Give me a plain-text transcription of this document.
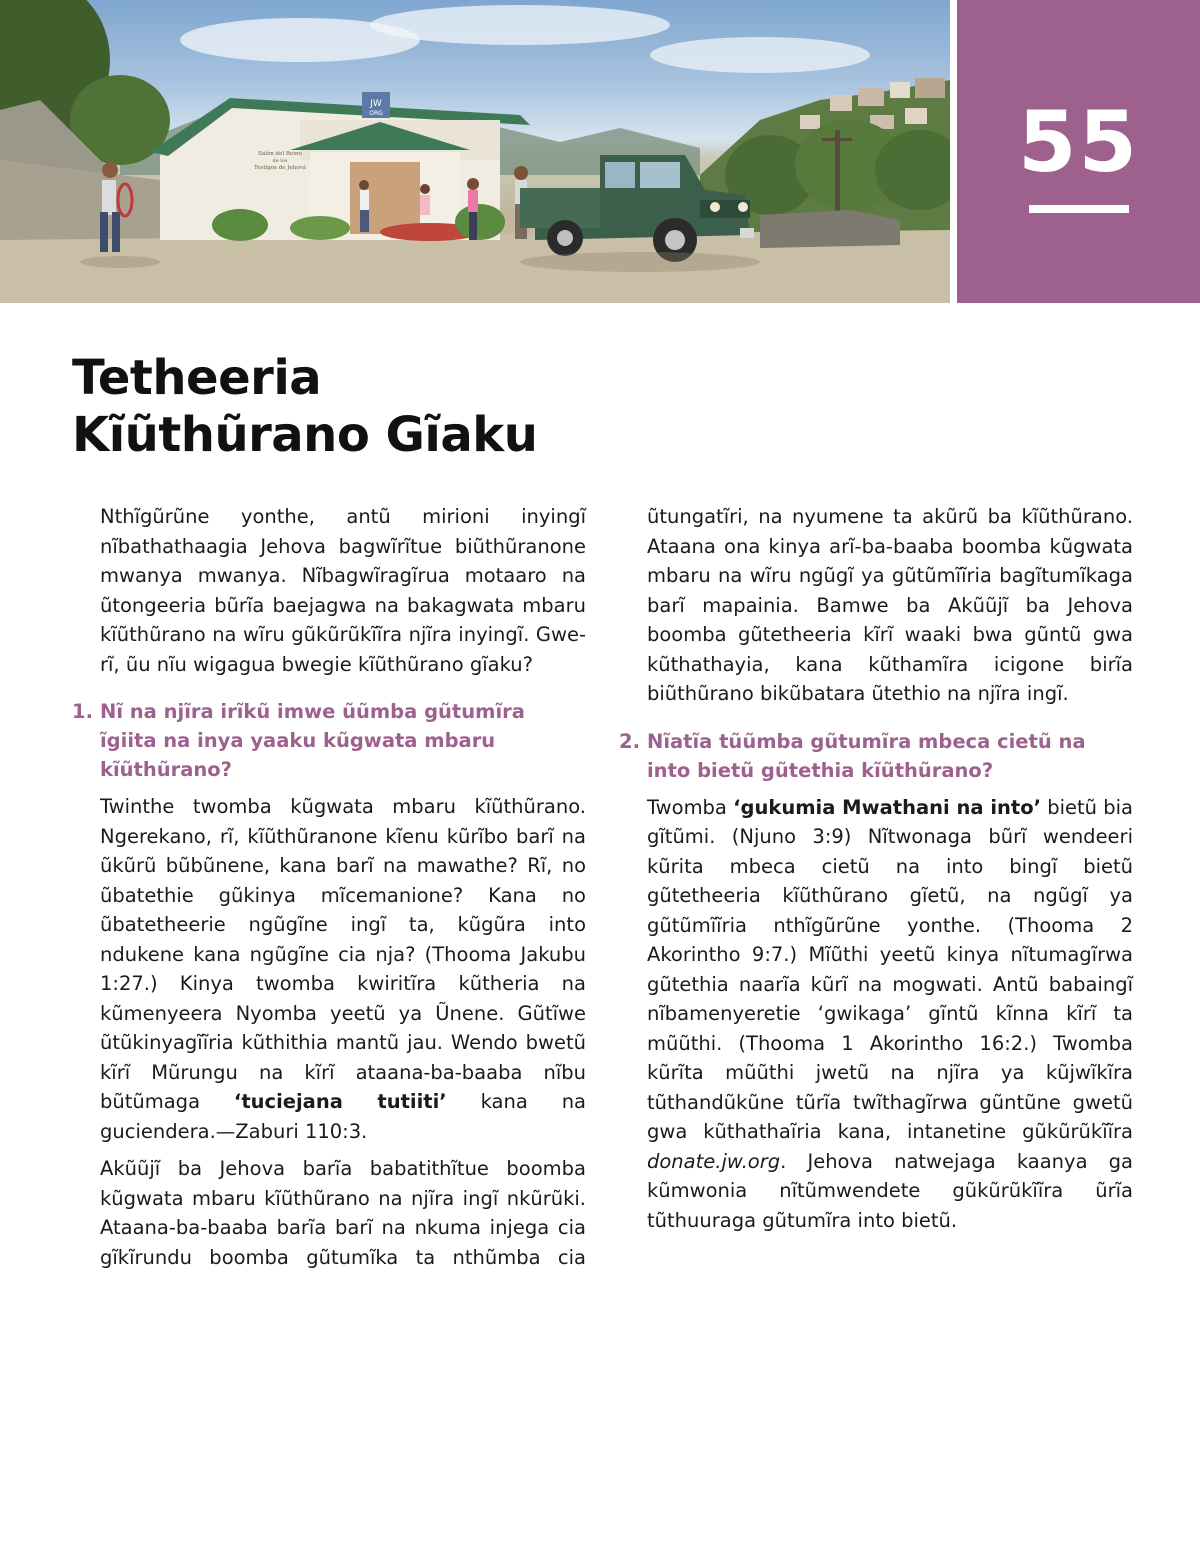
JW
ORG
Salón del Reino
de los
Testigos de Jehová	55
Tetheeria
Kĩũthũrano Gĩaku

Nthĩgũrũne yonthe, antũ mirioni inyingĩ nĩbathathaagia Jehova bagwĩrĩtue biũthũranone mwanya mwanya. Nĩbagwĩragĩrua motaaro na ũtongeeria bũrĩa baejagwa na bakagwata mbaru kĩũthũrano na wĩru gũkũrũkĩĩra njĩra inyingĩ. Gwe-rĩ, ũu nĩu wigagua bwegie kĩũthũrano gĩaku?

1. Nĩ na njĩra irĩkũ imwe ũũmba gũtumĩra ĩgiita na inya yaaku kũgwata mbaru kĩũthũrano?

Twinthe twomba kũgwata mbaru kĩũthũrano. Ngerekano, rĩ, kĩũthũranone kĩenu kũrĩbo barĩ na ũkũrũ bũbũnene, kana barĩ na mawathe? Rĩ, no ũbatethie gũkinya mĩcemanione? Kana no ũbatetheerie ngũgĩne ingĩ ta, kũgũra into ndukene kana ngũgĩne cia nja? (Thooma Jakubu 1:27.) Kinya twomba kwiritĩra kũtheria na kũmenyeera Nyomba yeetũ ya Ũnene. Gũtĩwe ũtũkinyagĩĩria kũthithia mantũ jau. Wendo bwetũ kĩrĩ Mũrungu na kĩrĩ ataana-ba-baaba nĩbu bũtũmaga ‘tuciejana tutiiti’ kana na guciendera.—Zaburi 110:3.

Akũũjĩ ba Jehova barĩa babatithĩtue boomba kũgwata mbaru kĩũthũrano na njĩra ingĩ nkũrũki. Ataana-ba-baaba barĩa barĩ na nkuma injega cia gĩkĩrundu boomba gũtumĩka ta nthũmba cia

ũtungatĩri, na nyumene ta akũrũ ba kĩũthũrano. Ataana ona kinya arĩ-ba-baaba boomba kũgwata mbaru na wĩru ngũgĩ ya gũtũmĩĩria bagĩtumĩkaga barĩ mapainia. Bamwe ba Akũũjĩ ba Jehova boomba gũtetheeria kĩrĩ waaki bwa gũntũ gwa kũthathayia, kana kũthamĩra icigone birĩa biũthũrano bikũbatara ũtethio na njĩra ingĩ.

2. Nĩatĩa tũũmba gũtumĩra mbeca cietũ na into bietũ gũtethia kĩũthũrano?

Twomba ‘gukumia Mwathani na into’ bietũ bia gĩtũmi. (Njuno 3:9) Nĩtwonaga bũrĩ wendeeri kũrita mbeca cietũ na into bingĩ bietũ gũtetheeria kĩũthũrano gĩetũ, na ngũgĩ ya gũtũmĩĩria nthĩgũrũne yonthe. (Thooma 2 Akorintho 9:7.) Mĩũthi yeetũ kinya nĩtumagĩrwa gũtethia naarĩa kũrĩ na mogwati. Antũ babaingĩ nĩbamenyeretie ‘gwikaga’ gĩntũ kĩnna kĩrĩ ta mũũthi. (Thooma 1 Akorintho 16:2.) Twomba kũrĩta mũũthi jwetũ na njĩra ya kũjwĩkĩra tũthandũkũne tũrĩa twĩthagĩrwa gũntũne gwetũ gwa kũthathaĩria kana, intanetine gũkũrũkĩĩra donate.jw.org. Jehova natwejaga kaanya ga kũmwonia nĩtũmwendete gũkũrũkĩĩra ũrĩa tũthuuraga gũtumĩra into bietũ.
